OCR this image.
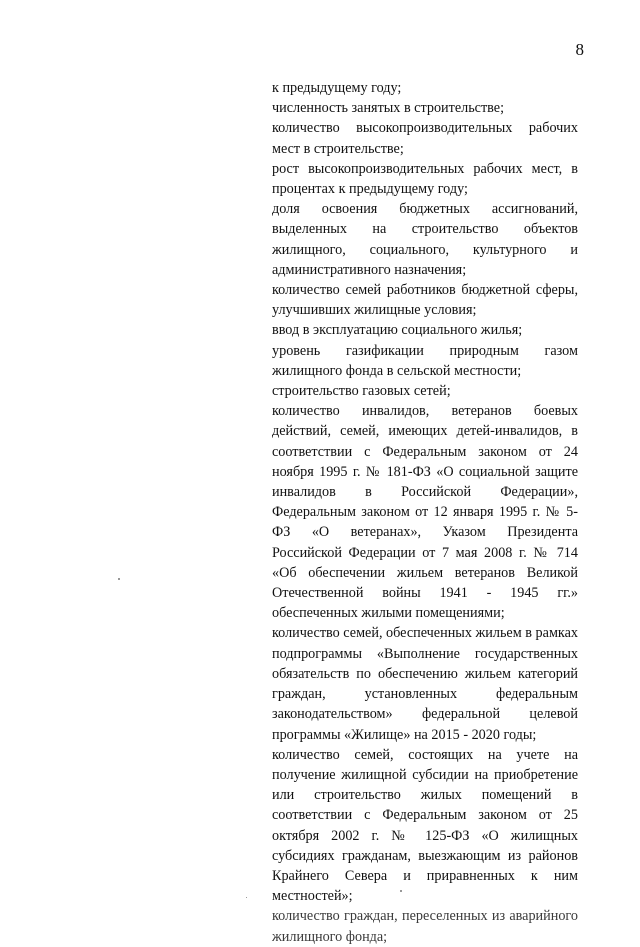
8

к предыдущему году;

численность занятых в строительстве;

количество высокопроизводительных рабочих мест в строительстве;

рост высокопроизводительных рабочих мест, в процентах к предыдущему году;

доля освоения бюджетных ассигнований, выделенных на строительство объектов жилищного, социального, культурного и административного назначения;

количество семей работников бюджетной сферы, улучшивших жилищные условия;

ввод в эксплуатацию социального жилья;

уровень газификации природным газом жилищного фонда в сельской местности;

строительство газовых сетей;

количество инвалидов, ветеранов боевых действий, семей, имеющих детей-инвалидов, в соответствии с Федеральным законом от 24 ноября 1995 г. № 181-ФЗ «О социальной защите инвалидов в Российской Федерации», Федеральным законом от 12 января 1995 г. № 5-ФЗ «О ветеранах», Указом Президента Российской Федерации от 7 мая 2008 г. № 714 «Об обеспечении жильем ветеранов Великой Отечественной войны 1941 - 1945 гг.» обеспеченных жилыми помещениями;

количество семей, обеспеченных жильем в рамках подпрограммы «Выполнение государственных обязательств по обеспечению жильем категорий граждан, установленных федеральным законодательством» федеральной целевой программы «Жилище» на 2015 - 2020 годы;

количество семей, состоящих на учете на получение жилищной субсидии на приобретение или строительство жилых помещений в соответствии с Федеральным законом от 25 октября 2002 г. № 125-ФЗ «О жилищных субсидиях гражданам, выезжающим из районов Крайнего Севера и приравненных к ним местностей»;

количество граждан, переселенных из аварийного жилищного фонда;
